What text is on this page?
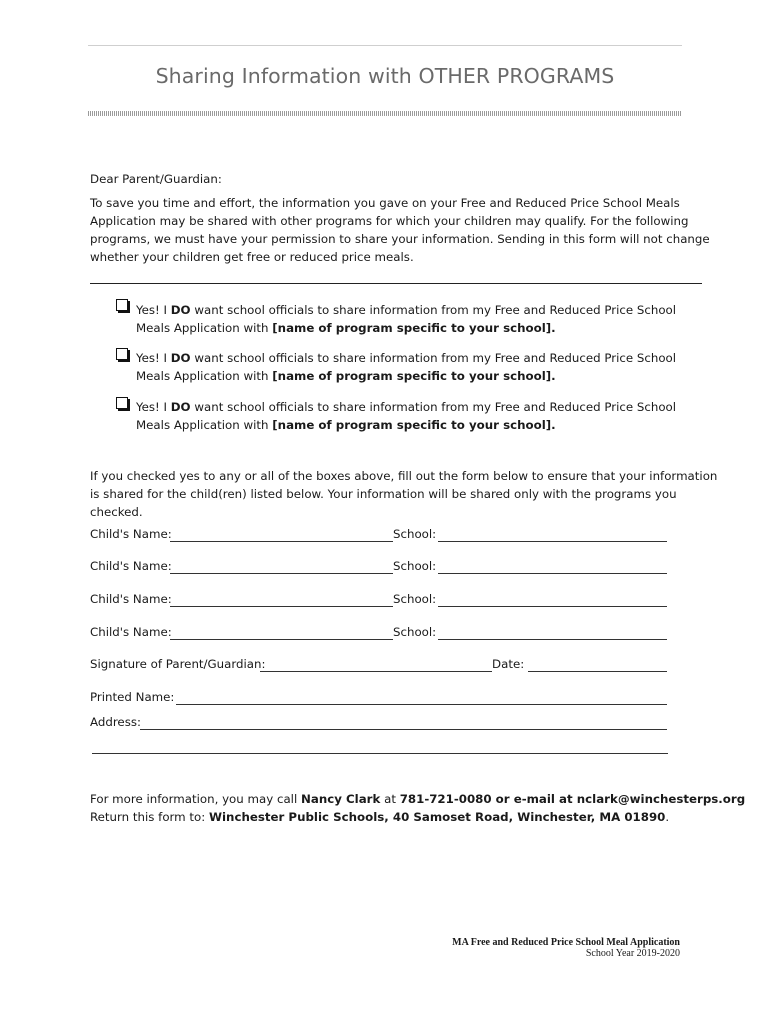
Sharing Information with OTHER PROGRAMS
Dear Parent/Guardian:
To save you time and effort, the information you gave on your Free and Reduced Price School Meals
Application may be shared with other programs for which your children may qualify. For the following
programs, we must have your permission to share your information. Sending in this form will not change
whether your children get free or reduced price meals.
Yes! I DO want school officials to share information from my Free and Reduced Price School
Meals Application with [name of program specific to your school].
Yes! I DO want school officials to share information from my Free and Reduced Price School
Meals Application with [name of program specific to your school].
Yes! I DO want school officials to share information from my Free and Reduced Price School
Meals Application with [name of program specific to your school].
If you checked yes to any or all of the boxes above, fill out the form below to ensure that your information
is shared for the child(ren) listed below. Your information will be shared only with the programs you
checked.
Child's Name:	School:
Child's Name:	School:
Child's Name:	School:
Child's Name:	School:
Signature of Parent/Guardian:	Date:
Printed Name:
Address:
For more information, you may call Nancy Clark at 781-721-0080 or e-mail at nclark@winchesterps.org
Return this form to: Winchester Public Schools, 40 Samoset Road, Winchester, MA 01890.
MA Free and Reduced Price School Meal Application
School Year 2019-2020
